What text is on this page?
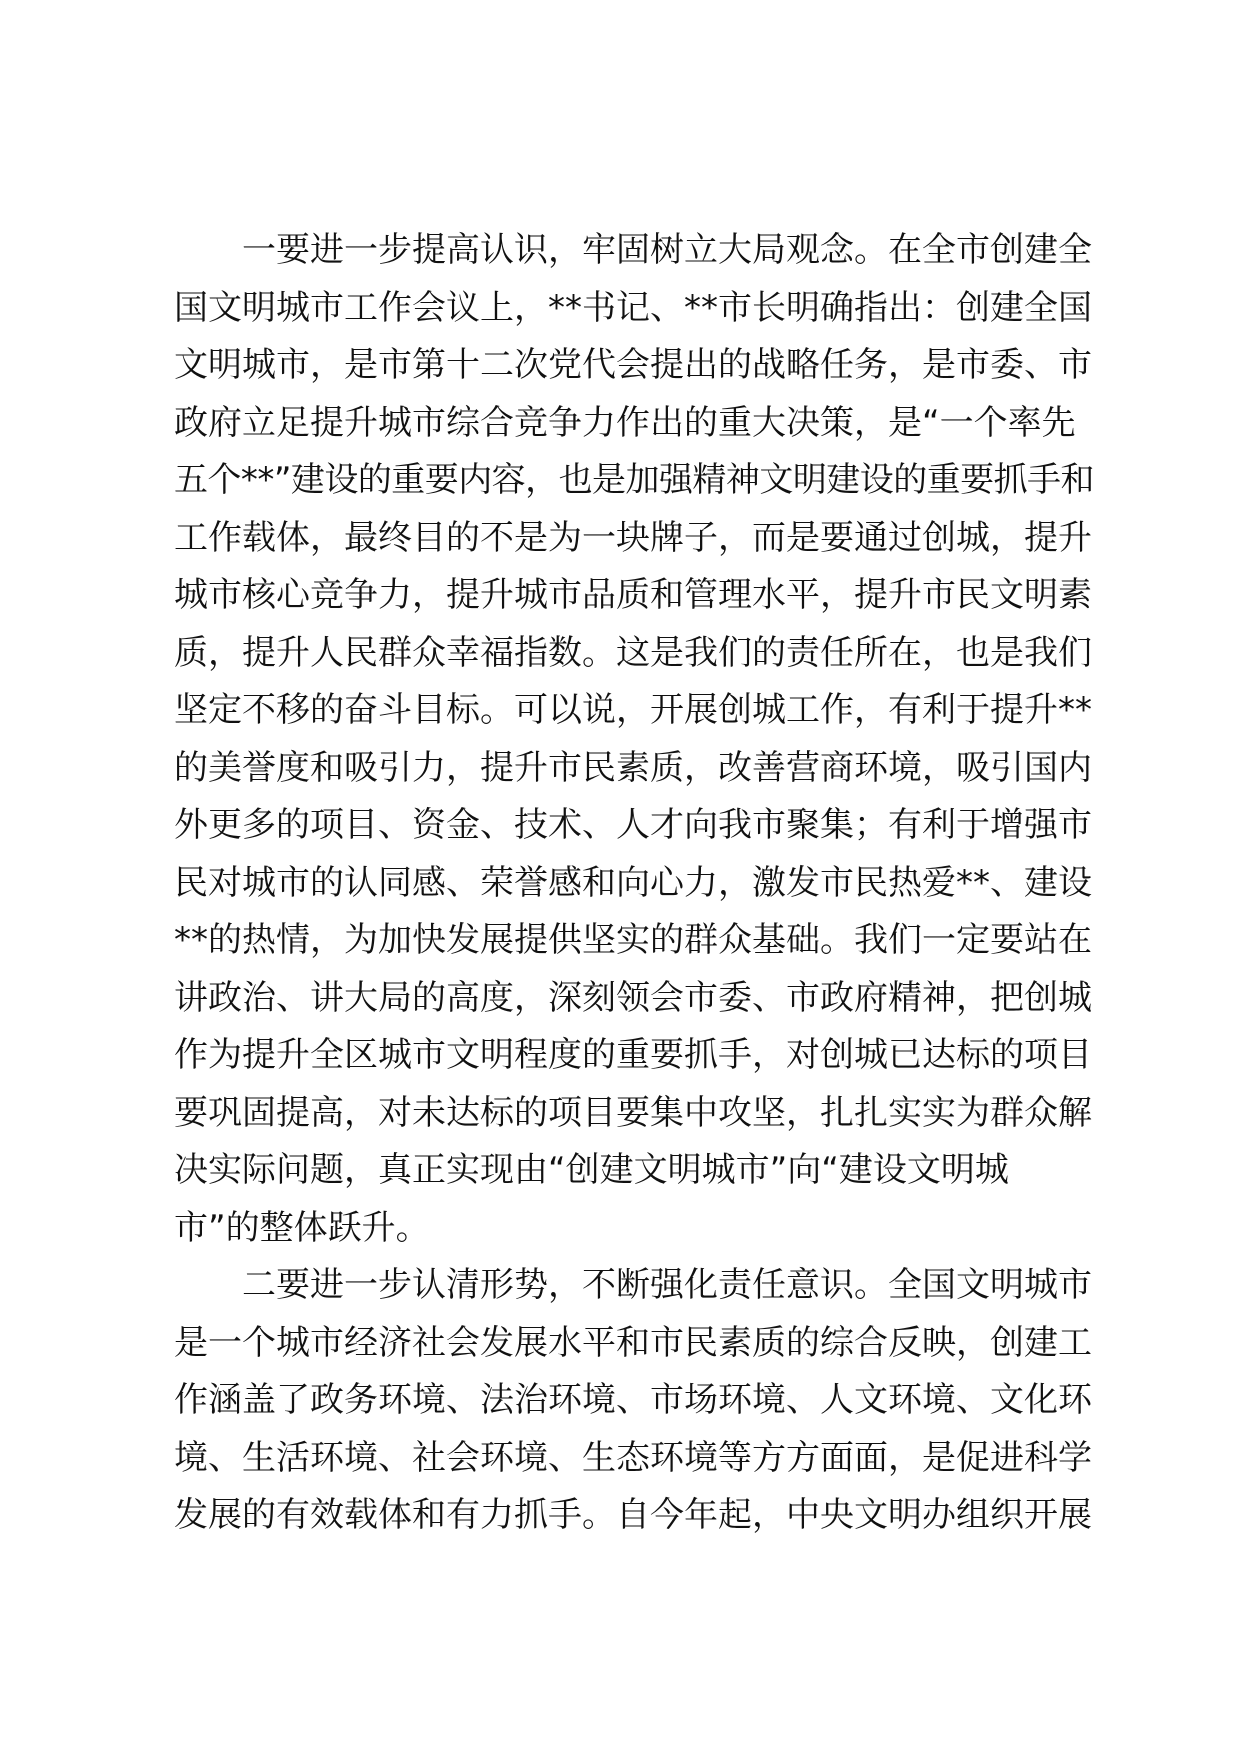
一要进一步提高认识，牢固树立大局观念。在全市创建全
国文明城市工作会议上，**书记、**市长明确指出：创建全国
文明城市，是市第十二次党代会提出的战略任务，是市委、市
政府立足提升城市综合竞争力作出的重大决策，是“一个率先
五个**”建设的重要内容，也是加强精神文明建设的重要抓手和
工作载体，最终目的不是为一块牌子，而是要通过创城，提升
城市核心竞争力，提升城市品质和管理水平，提升市民文明素
质，提升人民群众幸福指数。这是我们的责任所在，也是我们
坚定不移的奋斗目标。可以说，开展创城工作，有利于提升**
的美誉度和吸引力，提升市民素质，改善营商环境，吸引国内
外更多的项目、资金、技术、人才向我市聚集；有利于增强市
民对城市的认同感、荣誉感和向心力，激发市民热爱**、建设
**的热情，为加快发展提供坚实的群众基础。我们一定要站在
讲政治、讲大局的高度，深刻领会市委、市政府精神，把创城
作为提升全区城市文明程度的重要抓手，对创城已达标的项目
要巩固提高，对未达标的项目要集中攻坚，扎扎实实为群众解
决实际问题，真正实现由“创建文明城市”向“建设文明城
市”的整体跃升。
二要进一步认清形势，不断强化责任意识。全国文明城市
是一个城市经济社会发展水平和市民素质的综合反映，创建工
作涵盖了政务环境、法治环境、市场环境、人文环境、文化环
境、生活环境、社会环境、生态环境等方方面面，是促进科学
发展的有效载体和有力抓手。自今年起，中央文明办组织开展
